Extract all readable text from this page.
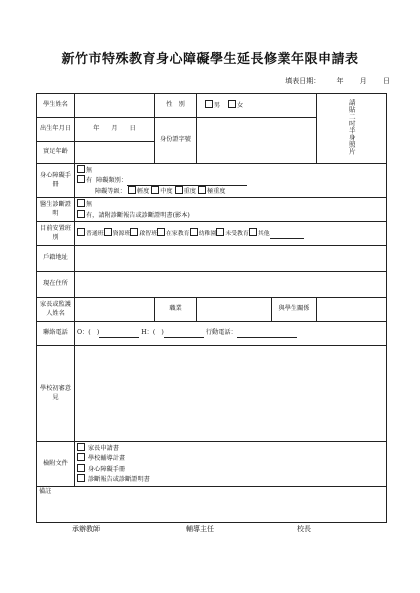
新竹市特殊教育身心障礙學生延長修業年限申請表
填表日期： 年 月 日
學生姓名		性　別	男 女		請貼二吋半身照片
出生年月日	年 月 日	身份證字號			
實足年齡					
身心障礙手冊	無
有 障礙類別：
障礙等級： 輕度 中度 重度 極重度				

醫生診斷證明	無
有，請附診斷報告或診斷證明書(影本)				

目前安置班別	普通班 資源班 啟智班 在家教育 幼稚園 未受教育 其他				
戶籍地址					
現在住所					
家長或監護人姓名		職業		與學生關係	
聯絡電話	O：(　) H：(　) 行動電話：				
學校初審意見					
檢附文件	家長申請書
學校輔導計畫
身心障礙手冊
診斷報告或診斷證明書				

備註					
承辦教師	輔導主任	校長
